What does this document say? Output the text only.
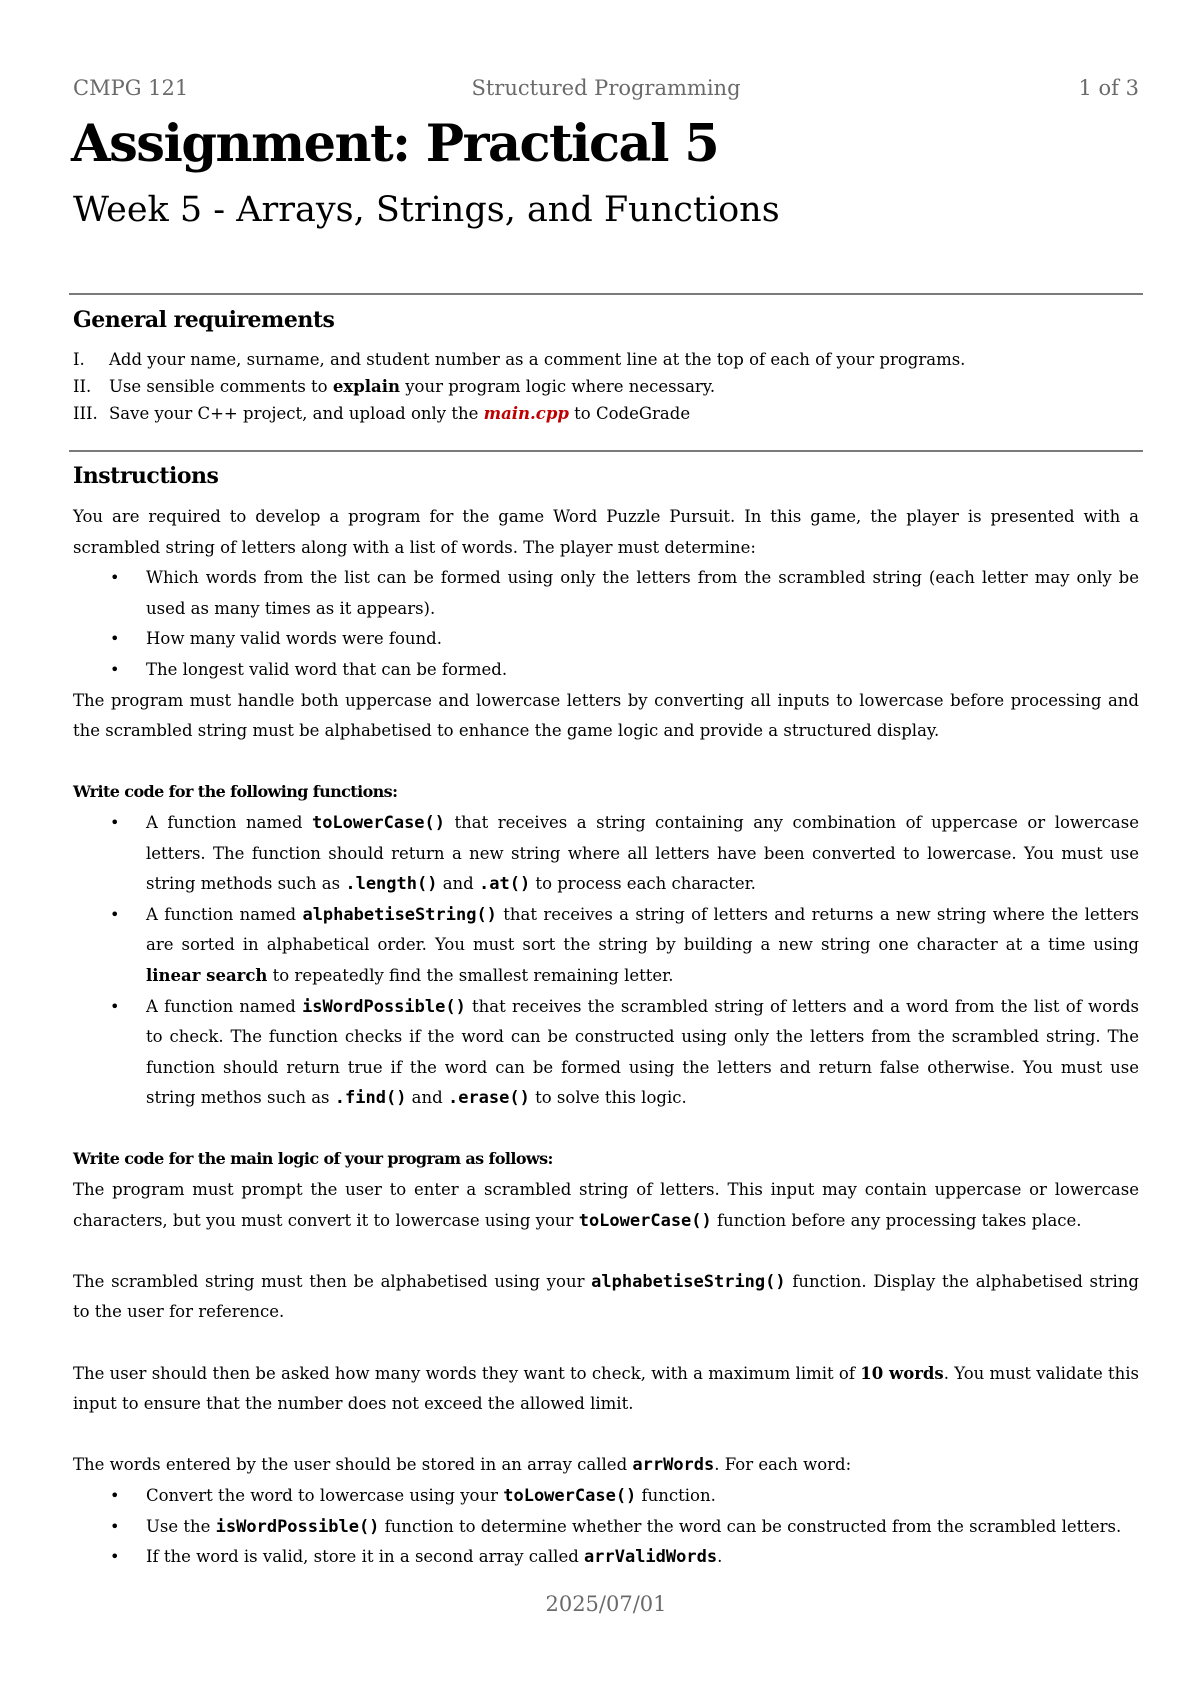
CMPG 121	Structured Programming	1 of 3
Assignment: Practical 5
Week 5 - Arrays, Strings, and Functions
General requirements
I.	Add your name, surname, and student number as a comment line at the top of each of your programs.
II.	Use sensible comments to explain your program logic where necessary.
III. Save your C++ project, and upload only the main.cpp to CodeGrade
Instructions

You are required to develop a program for the game Word Puzzle Pursuit. In this game, the player is presented with a scrambled string of letters along with a list of words. The player must determine:

• Which words from the list can be formed using only the letters from the scrambled string (each letter may only be used as many times as it appears).
• How many valid words were found.
• The longest valid word that can be formed.

The program must handle both uppercase and lowercase letters by converting all inputs to lowercase before processing and the scrambled string must be alphabetised to enhance the game logic and provide a structured display.

Write code for the following functions:

• A function named toLowerCase() that receives a string containing any combination of uppercase or lowercase letters. The function should return a new string where all letters have been converted to lowercase. You must use string methods such as .length() and .at() to process each character.
• A function named alphabetiseString() that receives a string of letters and returns a new string where the letters are sorted in alphabetical order. You must sort the string by building a new string one character at a time using linear search to repeatedly find the smallest remaining letter.
• A function named isWordPossible() that receives the scrambled string of letters and a word from the list of words to check. The function checks if the word can be constructed using only the letters from the scrambled string. The function should return true if the word can be formed using the letters and return false otherwise. You must use string methos such as .find() and .erase() to solve this logic.

Write code for the main logic of your program as follows:

The program must prompt the user to enter a scrambled string of letters. This input may contain uppercase or lowercase characters, but you must convert it to lowercase using your toLowerCase() function before any processing takes place.

The scrambled string must then be alphabetised using your alphabetiseString() function. Display the alphabetised string to the user for reference.

The user should then be asked how many words they want to check, with a maximum limit of 10 words. You must validate this input to ensure that the number does not exceed the allowed limit.

The words entered by the user should be stored in an array called arrWords. For each word:

• Convert the word to lowercase using your toLowerCase() function.
• Use the isWordPossible() function to determine whether the word can be constructed from the scrambled letters.
• If the word is valid, store it in a second array called arrValidWords.
2025/07/01
